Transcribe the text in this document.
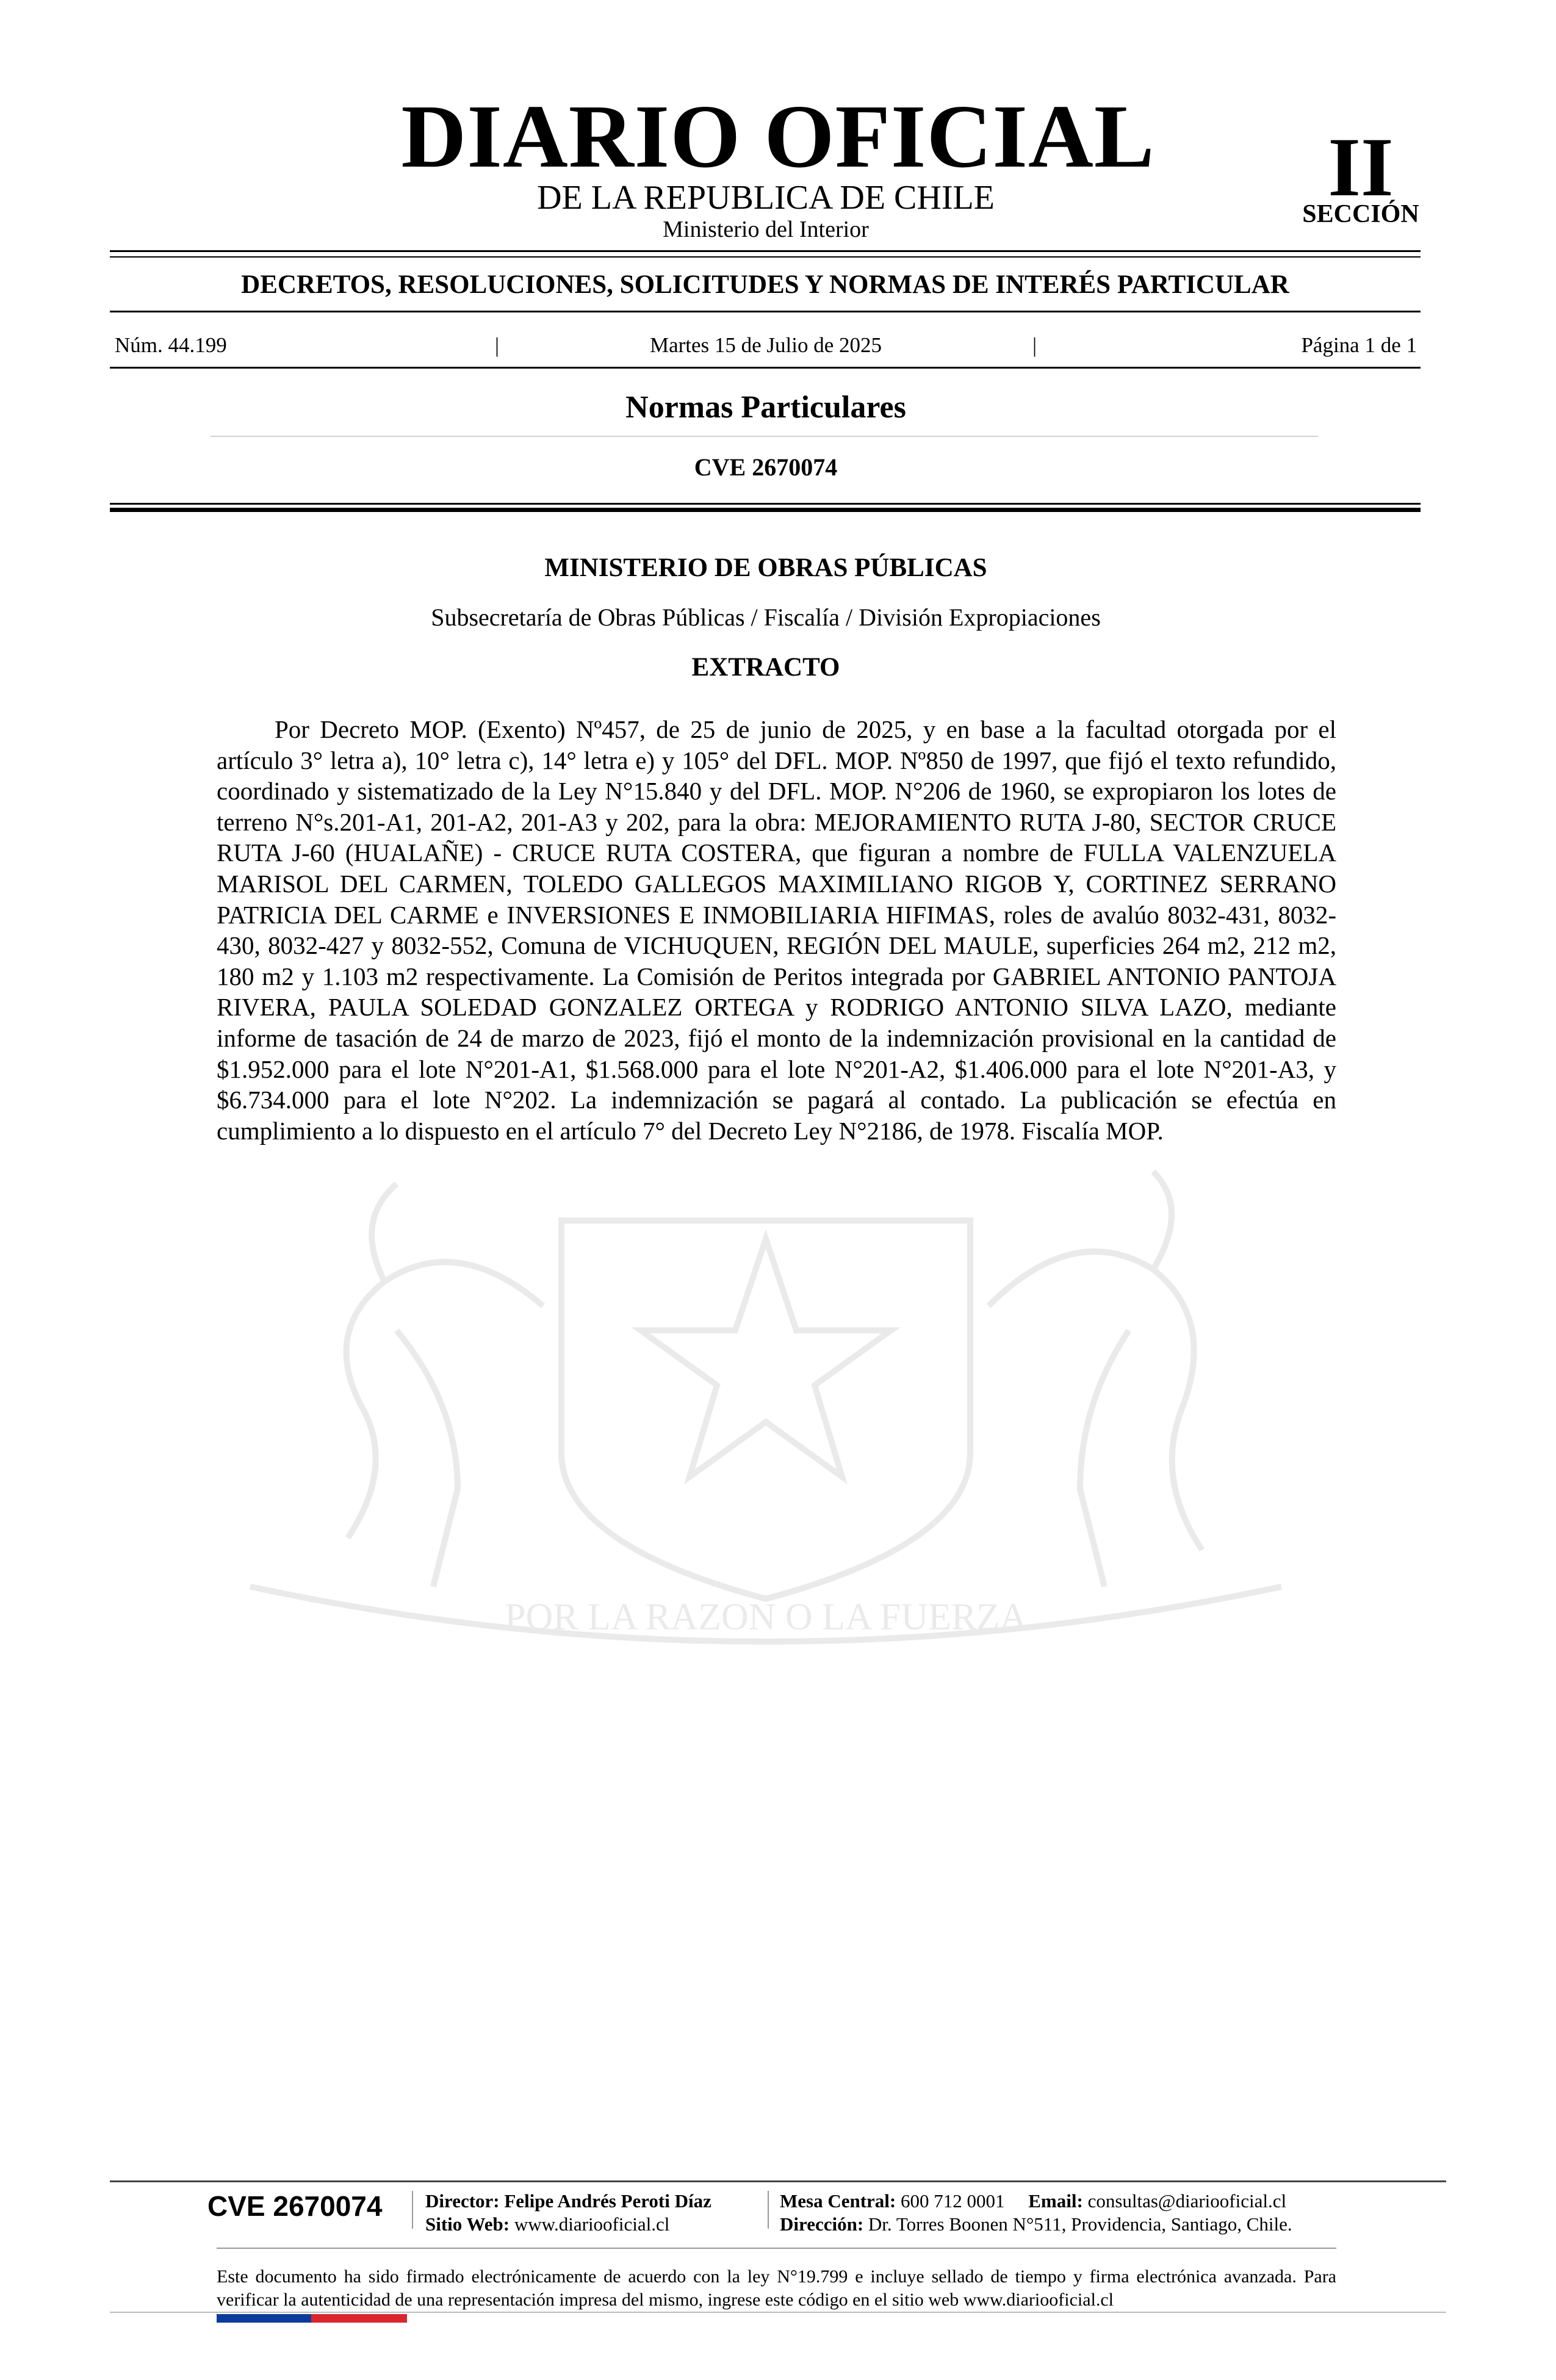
DIARIO OFICIAL
DE LA REPUBLICA DE CHILE
Ministerio del Interior
II
SECCIÓN
DECRETOS, RESOLUCIONES, SOLICITUDES Y NORMAS DE INTERÉS PARTICULAR
Núm. 44.199	|	Martes 15 de Julio de 2025	|	Página 1 de 1
Normas Particulares
CVE 2670074
POR LA RAZON O LA FUERZA
MINISTERIO DE OBRAS PÚBLICAS
Subsecretaría de Obras Públicas / Fiscalía / División Expropiaciones
EXTRACTO

Por Decreto MOP. (Exento) Nº457, de 25 de junio de 2025, y en base a la facultad otorgada por el artículo 3° letra a), 10° letra c), 14° letra e) y 105° del DFL. MOP. Nº850 de 1997, que fijó el texto refundido, coordinado y sistematizado de la Ley N°15.840 y del DFL. MOP. N°206 de 1960, se expropiaron los lotes de terreno N°s.201-A1, 201-A2, 201-A3 y 202, para la obra: MEJORAMIENTO RUTA J-80, SECTOR CRUCE RUTA J-60 (HUALAÑE) - CRUCE RUTA COSTERA, que figuran a nombre de FULLA VALENZUELA MARISOL DEL CARMEN, TOLEDO GALLEGOS MAXIMILIANO RIGOB Y, CORTINEZ SERRANO PATRICIA DEL CARME e INVERSIONES E INMOBILIARIA HIFIMAS, roles de avalúo 8032-431, 8032-430, 8032-427 y 8032-552, Comuna de VICHUQUEN, REGIÓN DEL MAULE, superficies 264 m2, 212 m2, 180 m2 y 1.103 m2 respectivamente. La Comisión de Peritos integrada por GABRIEL ANTONIO PANTOJA RIVERA, PAULA SOLEDAD GONZALEZ ORTEGA y RODRIGO ANTONIO SILVA LAZO, mediante informe de tasación de 24 de marzo de 2023, fijó el monto de la indemnización provisional en la cantidad de $1.952.000 para el lote N°201-A1, $1.568.000 para el lote N°201-A2, $1.406.000 para el lote N°201-A3, y $6.734.000 para el lote N°202. La indemnización se pagará al contado. La publicación se efectúa en cumplimiento a lo dispuesto en el artículo 7° del Decreto Ley N°2186, de 1978. Fiscalía MOP.

CVE 2670074 Director: Felipe Andrés Peroti Díaz
Sitio Web: www.diariooficial.cl
Mesa Central: 600 712 0001 Email: consultas@diariooficial.cl
Dirección: Dr. Torres Boonen N°511, Providencia, Santiago, Chile.

Este documento ha sido firmado electrónicamente de acuerdo con la ley N°19.799 e incluye sellado de tiempo y firma electrónica avanzada. Para verificar la autenticidad de una representación impresa del mismo, ingrese este código en el sitio web www.diariooficial.cl
